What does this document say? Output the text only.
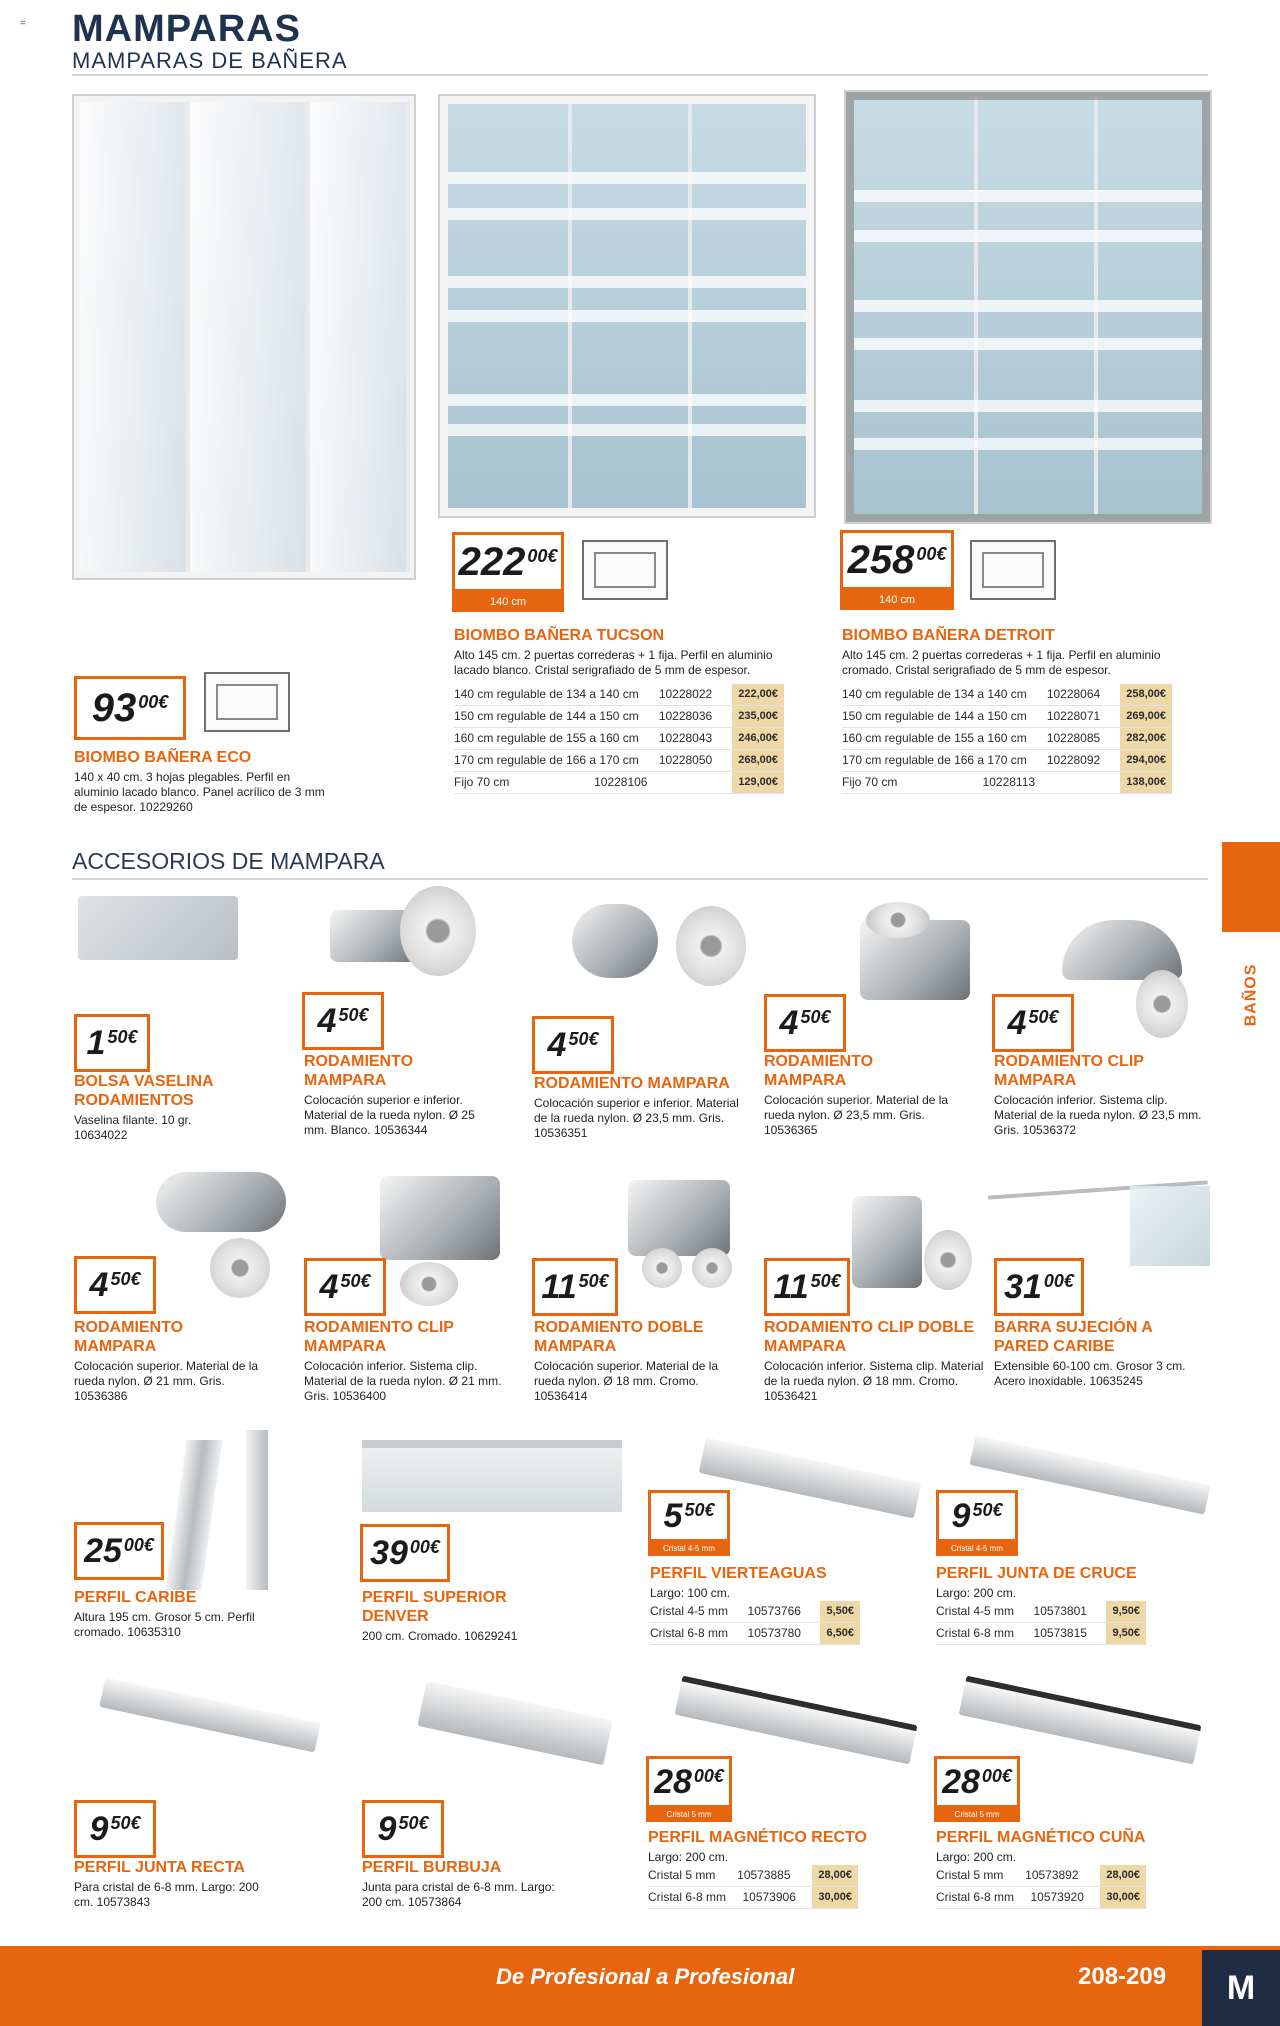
= MAMPARAS
MAMPARAS DE BAÑERA
93 $^{00€}$
BIOMBO BAÑERA ECO
140 x 40 cm. 3 hojas plegables. Perfil en aluminio lacado blanco. Panel acrílico de 3 mm de espesor. 10229260
222 $^{00€}$
140 cm
BIOMBO BAÑERA TUCSON
Alto 145 cm. 2 puertas correderas + 1 fija. Perfil en aluminio lacado blanco. Cristal serigrafiado de 5 mm de espesor.
140 cm regulable de 134 a 140 cm 10228022	222,00€
150 cm regulable de 144 a 150 cm 10228036	235,00€
160 cm regulable de 155 a 160 cm 10228043	246,00€
170 cm regulable de 166 a 170 cm 10228050	268,00€
Fijo 70 cm	10228106	129,00€
258 $^{00€}$
140 cm
BIOMBO BAÑERA DETROIT
Alto 145 cm. 2 puertas correderas + 1 fija. Perfil en aluminio cromado. Cristal serigrafiado de 5 mm de espesor.
140 cm regulable de 134 a 140 cm 10228064	258,00€
150 cm regulable de 144 a 150 cm 10228071	269,00€
160 cm regulable de 155 a 160 cm 10228085	282,00€
170 cm regulable de 166 a 170 cm 10228092	294,00€
Fijo 70 cm	10228113	138,00€
ACCESORIOS DE MAMPARA
BAÑOS
1 $^{50€}$
BOLSA VASELINA RODAMIENTOS
Vaselina filante. 10 gr. 10634022
4 $^{50€}$
RODAMIENTO MAMPARA
Colocación superior e inferior. Material de la rueda nylon. Ø 25 mm. Blanco. 10536344
4 $^{50€}$
RODAMIENTO MAMPARA
Colocación superior e inferior. Material de la rueda nylon. Ø 23,5 mm. Gris. 10536351
4 $^{50€}$
RODAMIENTO MAMPARA
Colocación superior. Material de la rueda nylon. Ø 23,5 mm. Gris. 10536365
4 $^{50€}$
RODAMIENTO CLIP MAMPARA
Colocación inferior. Sistema clip. Material de la rueda nylon. Ø 23,5 mm. Gris. 10536372
4 $^{50€}$
RODAMIENTO MAMPARA
Colocación superior. Material de la rueda nylon. Ø 21 mm. Gris. 10536386
4 $^{50€}$
RODAMIENTO CLIP MAMPARA
Colocación inferior. Sistema clip. Material de la rueda nylon. Ø 21 mm. Gris. 10536400
11 $^{50€}$
RODAMIENTO DOBLE MAMPARA
Colocación superior. Material de la rueda nylon. Ø 18 mm. Cromo. 10536414
11 $^{50€}$
RODAMIENTO CLIP DOBLE MAMPARA
Colocación inferior. Sistema clip. Material de la rueda nylon. Ø 18 mm. Cromo. 10536421
31 $^{00€}$
BARRA SUJECIÓN A PARED CARIBE
Extensible 60-100 cm. Grosor 3 cm. Acero inoxidable. 10635245
25 $^{00€}$
PERFIL CARIBE
Altura 195 cm. Grosor 5 cm. Perfil cromado. 10635310
39 $^{00€}$
PERFIL SUPERIOR DENVER
200 cm. Cromado. 10629241
5 $^{50€}$
Cristal 4-5 mm
PERFIL VIERTEAGUAS
Largo: 100 cm.
Cristal 4-5 mm 10573766	5,50€
Cristal 6-8 mm 10573780	6,50€
9 $^{50€}$
Cristal 4-5 mm
PERFIL JUNTA DE CRUCE
Largo: 200 cm.
Cristal 4-5 mm 10573801	9,50€
Cristal 6-8 mm 10573815	9,50€
9 $^{50€}$
PERFIL JUNTA RECTA
Para cristal de 6-8 mm. Largo: 200 cm. 10573843
9 $^{50€}$
PERFIL BURBUJA
Junta para cristal de 6-8 mm. Largo: 200 cm. 10573864
28 $^{00€}$
Cristal 5 mm
PERFIL MAGNÉTICO RECTO
Largo: 200 cm.
Cristal 5 mm 10573885	28,00€
Cristal 6-8 mm 10573906	30,00€
28 $^{00€}$
Cristal 5 mm
PERFIL MAGNÉTICO CUÑA
Largo: 200 cm.
Cristal 5 mm 10573892	28,00€
Cristal 6-8 mm 10573920	30,00€
De Profesional a Profesional	208-209	M
